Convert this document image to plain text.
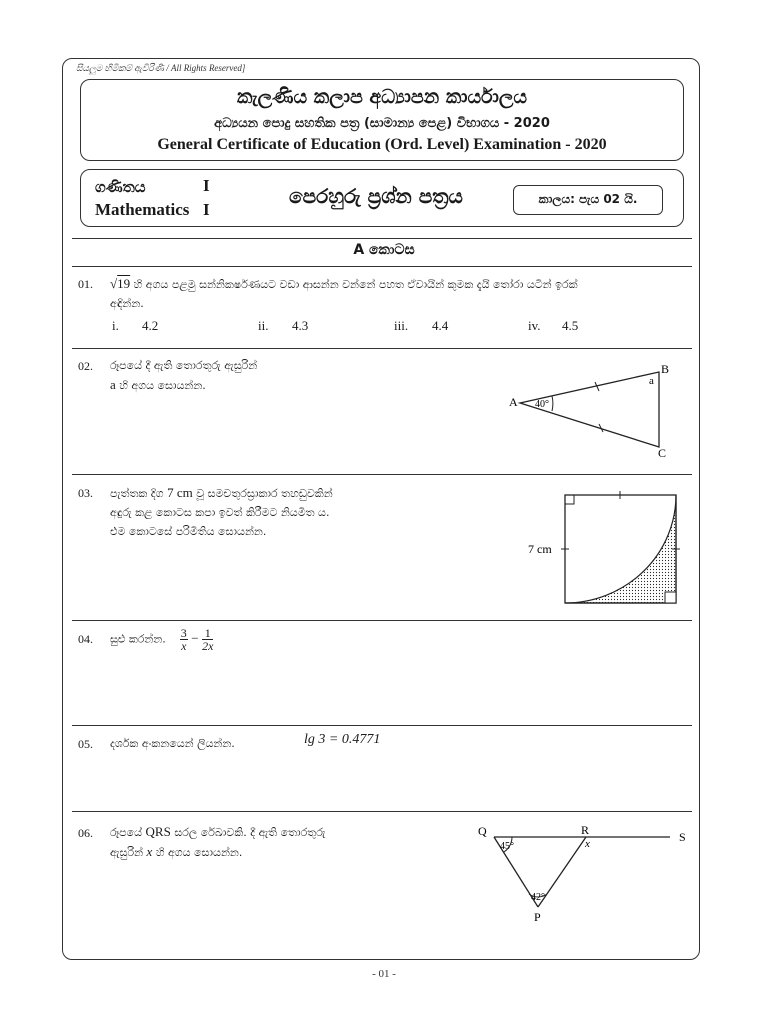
සියලුම හිමිකම් ඇවිරිණි / All Rights Reserved]
කැලණිය කලාප අධ්‍යාපන කාර්යාලය
අධ්‍යයන පොදු සහතික පත්‍ර (සාමාන්‍ය පෙළ) විභාගය - 2020
General Certificate of Education (Ord. Level) Examination - 2020
ගණිතය	I
Mathematics I
පෙරහුරු ප්‍රශ්න පත්‍රය	කාලය: පැය 02 යි.
A කොටස
01. √19 හි අගය පළමු සන්නිකර්ෂණයට වඩා ආසන්න වන්නේ පහත ඒවායින් කුමක දැයි තෝරා යටින් ඉරක්
අඳින්න.
i. 4.2	ii. 4.3	iii. 4.4	iv. 4.5
02. රූපයේ දී ඇති තොරතුරු ඇසුරින්
a හි අගය සොයන්න.
40°
A
B
a
C
03. පැත්තක දිග 7 cm වූ සමචතුරස්‍රාකාර තහඩුවකින්
අඳුරු කළ කොටස කපා ඉවත් කිරීමට නියමිත ය.
එම කොටසේ පරිමිතිය සොයන්න.
7 cm
04. සුළු කරන්න. $\frac{3}{x} - \frac{1}{2x}$
05. දර්ශක අංකනයෙන් ලියන්න.	lg 3 = 0.4771
06. රූපයේ QRS සරල රේඛාවකි. දී ඇති තොරතුරු
ඇසුරින් x හි අගය සොයන්න.
Q	R	S
P
x
45°
42°
- 01 -
